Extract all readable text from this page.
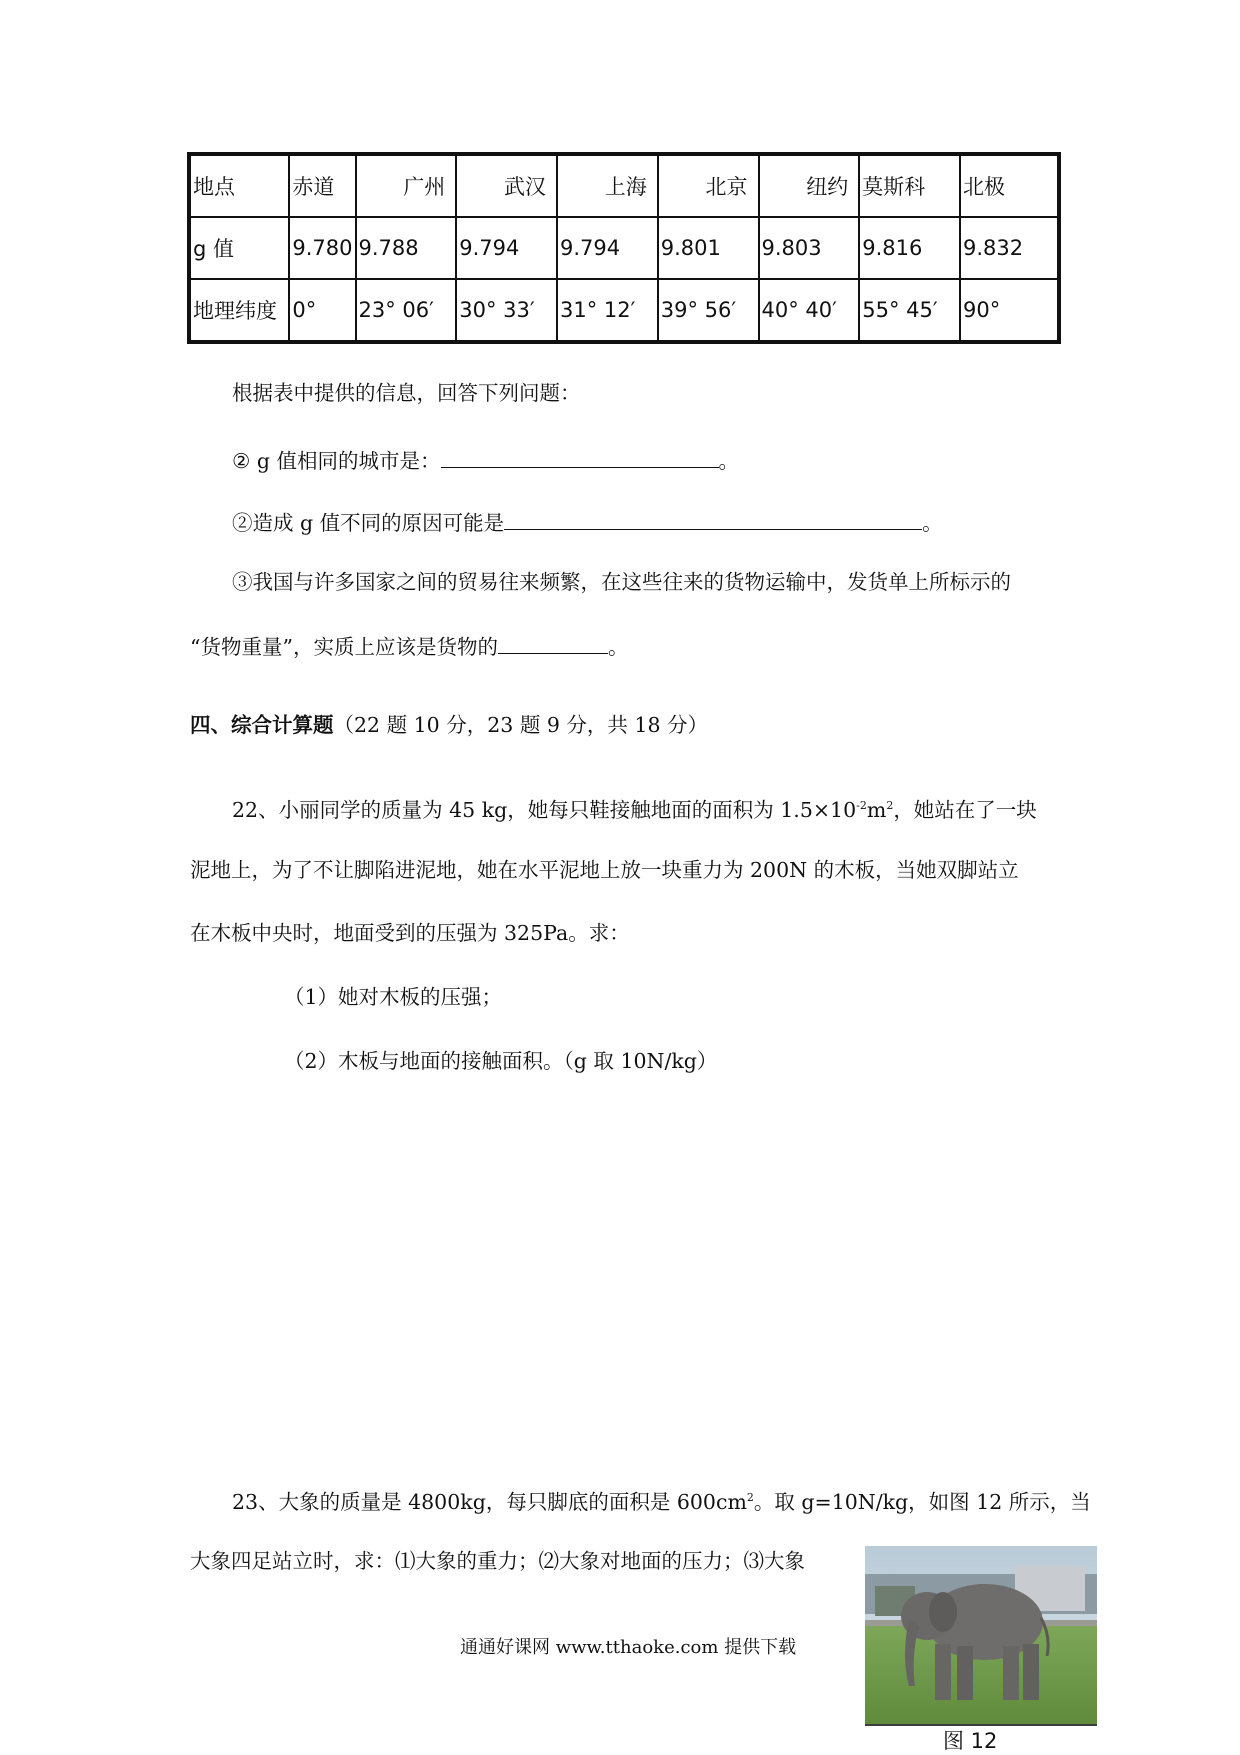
地点	赤道	广州	武汉	上海	北京	纽约	莫斯科	北极
g 值	9.780	9.788	9.794	9.794	9.801	9.803	9.816	9.832
地理纬度	0°	23° 06′	30° 33′	31° 12′	39° 56′	40° 40′	55° 45′	90°
根据表中提供的信息，回答下列问题：
② g 值相同的城市是：	。
②造成 g 值不同的原因可能是	。
③我国与许多国家之间的贸易往来频繁，在这些往来的货物运输中，发货单上所标示的
“货物重量”，实质上应该是货物的	。
四、综合计算题（22 题 10 分，23 题 9 分，共 18 分）
22、小丽同学的质量为 45 kg，她每只鞋接触地面的面积为 $1.5\times 10^{-2}m^2$，她站在了一块
泥地上，为了不让脚陷进泥地，她在水平泥地上放一块重力为 200N 的木板，当她双脚站立
在木板中央时，地面受到的压强为 325Pa。求：
（1）她对木板的压强；
（2）木板与地面的接触面积。（g 取 10N/kg）
23、大象的质量是 4800kg，每只脚底的面积是 $600cm^2$。取 g=10N/kg，如图 12 所示，当
大象四足站立时，求：⑴大象的重力；⑵大象对地面的压力；⑶大象
通通好课网 www.tthaoke.com 提供下载
图 12
